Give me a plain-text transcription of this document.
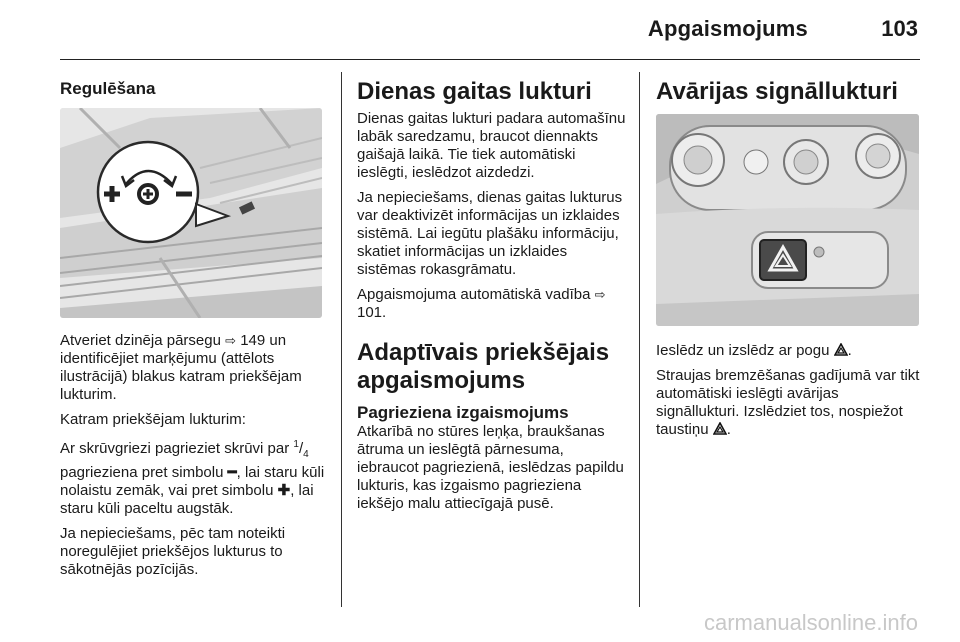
Apgaismojums	103
Regulēšana

Atveriet dzinēja pārsegu ⇨ 149 un identificējiet marķējumu (attēlots ilustrācijā) blakus katram priekšējam lukturim.

Katram priekšējam lukturim:

Ar skrūvgriezi pagrieziet skrūvi par $^1/_4$ pagrieziena pret simbolu ━, lai staru kūli nolaistu zemāk, vai pret simbolu ✚, lai staru kūli paceltu augstāk.

Ja nepieciešams, pēc tam noteikti noregulējiet priekšējos lukturus to sākotnējās pozīcijās.

Dienas gaitas lukturi

Dienas gaitas lukturi padara automašīnu labāk saredzamu, braucot diennakts gaišajā laikā. Tie tiek automātiski ieslēgti, ieslēdzot aizdedzi.

Ja nepieciešams, dienas gaitas lukturus var deaktivizēt informācijas un izklaides sistēmā. Lai iegūtu plašāku informāciju, skatiet informācijas un izklaides sistēmas rokasgrāmatu.

Apgaismojuma automātiskā vadība ⇨ 101.

Adaptīvais priekšējais apgaismojums
Pagrieziena izgaismojums

Atkarībā no stūres leņķa, braukšanas ātruma un ieslēgtā pārnesuma, iebraucot pagriezienā, ieslēdzas papildu lukturis, kas izgaismo pagrieziena iekšējo malu attiecīgajā pusē.

Avārijas signāllukturi

Ieslēdz un izslēdz ar pogu .

Straujas bremzēšanas gadījumā var tikt automātiski ieslēgti avārijas signāllukturi. Izslēdziet tos, nospiežot taustiņu .

carmanualsonline.info
